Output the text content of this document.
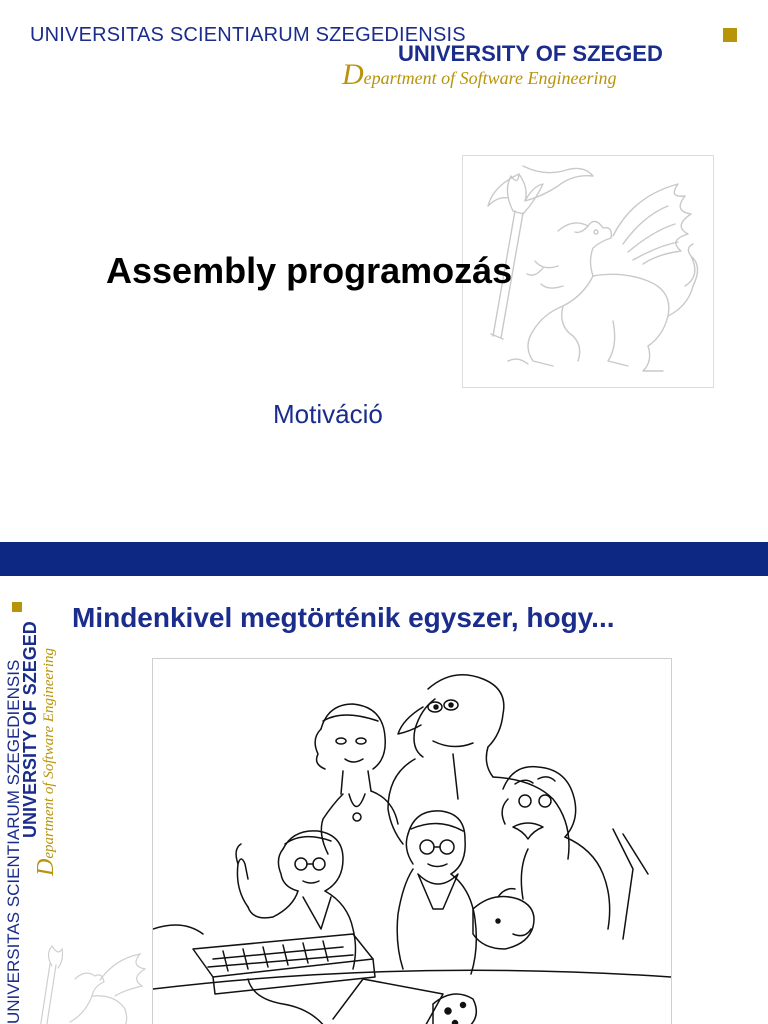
UNIVERSITAS SCIENTIARUM SZEGEDIENSIS
UNIVERSITY OF SZEGED
Department of Software Engineering
Assembly programozás
Motiváció
UNIVERSITAS SCIENTIARUM SZEGEDIENSIS
UNIVERSITY OF SZEGED
Department of Software Engineering
Mindenkivel megtörténik egyszer, hogy...
